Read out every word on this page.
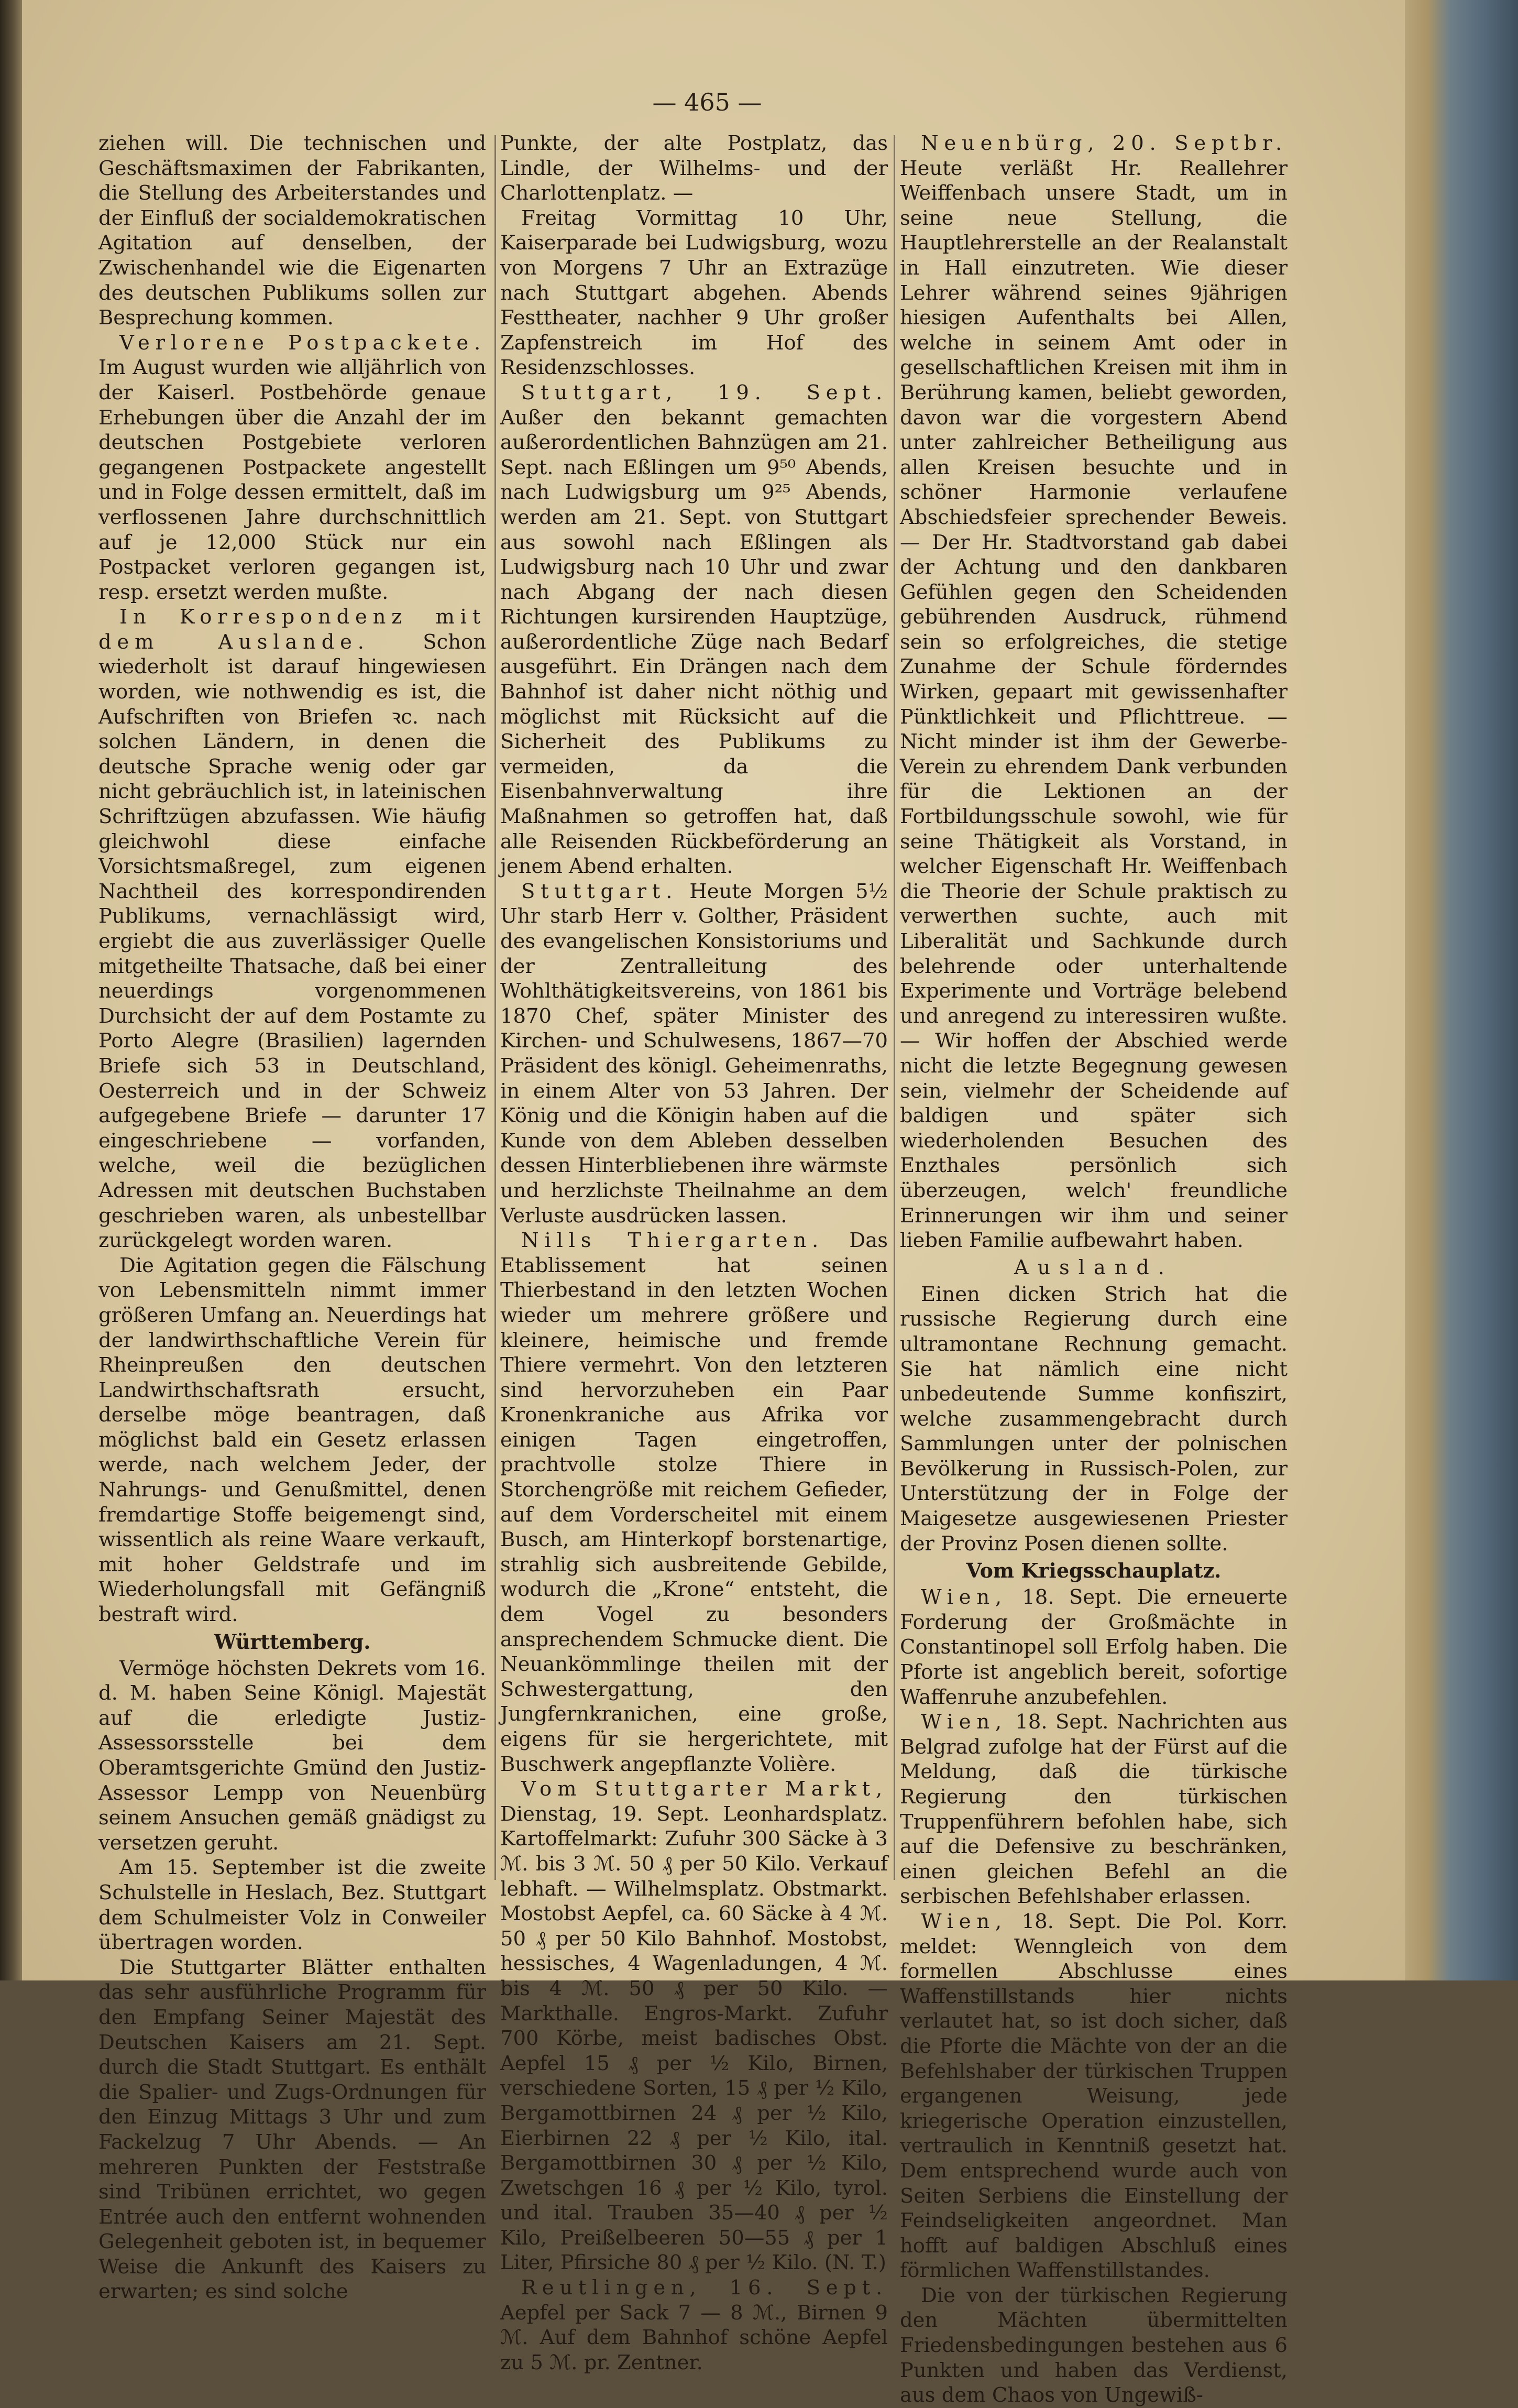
— 465 —

ziehen will. Die technischen und Geschäftsmaximen der Fabrikanten, die Stellung des Arbeiterstandes und der Einfluß der socialdemokratischen Agitation auf denselben, der Zwischenhandel wie die Eigenarten des deutschen Publikums sollen zur Besprechung kommen.

Verlorene Postpackete. Im August wurden wie alljährlich von der Kaiserl. Postbehörde genaue Erhebungen über die Anzahl der im deutschen Postgebiete verloren gegangenen Postpackete angestellt und in Folge dessen ermittelt, daß im verflossenen Jahre durchschnittlich auf je 12,000 Stück nur ein Postpacket verloren gegangen ist, resp. ersetzt werden mußte.

In Korrespondenz mit dem Auslande. Schon wiederholt ist darauf hingewiesen worden, wie nothwendig es ist, die Aufschriften von Briefen ꝛc. nach solchen Ländern, in denen die deutsche Sprache wenig oder gar nicht gebräuchlich ist, in lateinischen Schriftzügen abzufassen. Wie häufig gleichwohl diese einfache Vorsichtsmaßregel, zum eigenen Nachtheil des korrespondirenden Publikums, vernachlässigt wird, ergiebt die aus zuverlässiger Quelle mitgetheilte Thatsache, daß bei einer neuerdings vorgenommenen Durchsicht der auf dem Postamte zu Porto Alegre (Brasilien) lagernden Briefe sich 53 in Deutschland, Oesterreich und in der Schweiz aufgegebene Briefe — darunter 17 eingeschriebene — vorfanden, welche, weil die bezüglichen Adressen mit deutschen Buchstaben geschrieben waren, als unbestellbar zurückgelegt worden waren.

Die Agitation gegen die Fälschung von Lebensmitteln nimmt immer größeren Umfang an. Neuerdings hat der landwirthschaftliche Verein für Rheinpreußen den deutschen Landwirthschaftsrath ersucht, derselbe möge beantragen, daß möglichst bald ein Gesetz erlassen werde, nach welchem Jeder, der Nahrungs- und Genußmittel, denen fremdartige Stoffe beigemengt sind, wissentlich als reine Waare verkauft, mit hoher Geldstrafe und im Wiederholungsfall mit Gefängniß bestraft wird.

Württemberg.

Vermöge höchsten Dekrets vom 16. d. M. haben Seine Königl. Majestät auf die erledigte Justiz-Assessorsstelle bei dem Oberamtsgerichte Gmünd den Justiz-Assessor Lempp von Neuenbürg seinem Ansuchen gemäß gnädigst zu versetzen geruht.

Am 15. September ist die zweite Schulstelle in Heslach, Bez. Stuttgart dem Schulmeister Volz in Conweiler übertragen worden.

Die Stuttgarter Blätter enthalten das sehr ausführliche Programm für den Empfang Seiner Majestät des Deutschen Kaisers am 21. Sept. durch die Stadt Stuttgart. Es enthält die Spalier- und Zugs-Ordnungen für den Einzug Mittags 3 Uhr und zum Fackelzug 7 Uhr Abends. — An mehreren Punkten der Feststraße sind Tribünen errichtet, wo gegen Entrée auch den entfernt wohnenden Gelegenheit geboten ist, in bequemer Weise die Ankunft des Kaisers zu erwarten; es sind solche

Punkte, der alte Postplatz, das Lindle, der Wilhelms- und der Charlottenplatz. —

Freitag Vormittag 10 Uhr, Kaiserparade bei Ludwigsburg, wozu von Morgens 7 Uhr an Extrazüge nach Stuttgart abgehen. Abends Festtheater, nachher 9 Uhr großer Zapfenstreich im Hof des Residenzschlosses.

Stuttgart, 19. Sept. Außer den bekannt gemachten außerordentlichen Bahnzügen am 21. Sept. nach Eßlingen um 9⁵⁰ Abends, nach Ludwigsburg um 9²⁵ Abends, werden am 21. Sept. von Stuttgart aus sowohl nach Eßlingen als Ludwigsburg nach 10 Uhr und zwar nach Abgang der nach diesen Richtungen kursirenden Hauptzüge, außerordentliche Züge nach Bedarf ausgeführt. Ein Drängen nach dem Bahnhof ist daher nicht nöthig und möglichst mit Rücksicht auf die Sicherheit des Publikums zu vermeiden, da die Eisenbahnverwaltung ihre Maßnahmen so getroffen hat, daß alle Reisenden Rückbeförderung an jenem Abend erhalten.

Stuttgart. Heute Morgen 5½ Uhr starb Herr v. Golther, Präsident des evangelischen Konsistoriums und der Zentralleitung des Wohlthätigkeitsvereins, von 1861 bis 1870 Chef, später Minister des Kirchen- und Schulwesens, 1867—70 Präsident des königl. Geheimenraths, in einem Alter von 53 Jahren. Der König und die Königin haben auf die Kunde von dem Ableben desselben dessen Hinterbliebenen ihre wärmste und herzlichste Theilnahme an dem Verluste ausdrücken lassen.

Nills Thiergarten. Das Etablissement hat seinen Thierbestand in den letzten Wochen wieder um mehrere größere und kleinere, heimische und fremde Thiere vermehrt. Von den letzteren sind hervorzuheben ein Paar Kronenkraniche aus Afrika vor einigen Tagen eingetroffen, prachtvolle stolze Thiere in Storchengröße mit reichem Gefieder, auf dem Vorderscheitel mit einem Busch, am Hinterkopf borstenartige, strahlig sich ausbreitende Gebilde, wodurch die „Krone“ entsteht, die dem Vogel zu besonders ansprechendem Schmucke dient. Die Neuankömmlinge theilen mit der Schwestergattung, den Jungfernkranichen, eine große, eigens für sie hergerichtete, mit Buschwerk angepflanzte Volière.

Vom Stuttgarter Markt, Dienstag, 19. Sept. Leonhardsplatz. Kartoffelmarkt: Zufuhr 300 Säcke à 3 ℳ. bis 3 ℳ. 50 ₰ per 50 Kilo. Verkauf lebhaft. — Wilhelmsplatz. Obstmarkt. Mostobst Aepfel, ca. 60 Säcke à 4 ℳ. 50 ₰ per 50 Kilo Bahnhof. Mostobst, hessisches, 4 Wagenladungen, 4 ℳ. bis 4 ℳ. 50 ₰ per 50 Kilo. — Markthalle. Engros-Markt. Zufuhr 700 Körbe, meist badisches Obst. Aepfel 15 ₰ per ½ Kilo, Birnen, verschiedene Sorten, 15 ₰ per ½ Kilo, Bergamottbirnen 24 ₰ per ½ Kilo, Eierbirnen 22 ₰ per ½ Kilo, ital. Bergamottbirnen 30 ₰ per ½ Kilo, Zwetschgen 16 ₰ per ½ Kilo, tyrol. und ital. Trauben 35—40 ₰ per ½ Kilo, Preißelbeeren 50—55 ₰ per 1 Liter, Pfirsiche 80 ₰ per ½ Kilo. (N. T.)

Reutlingen, 16. Sept. Aepfel per Sack 7 — 8 ℳ., Birnen 9 ℳ. Auf dem Bahnhof schöne Aepfel zu 5 ℳ. pr. Zentner.

Neuenbürg, 20. Septbr. Heute verläßt Hr. Reallehrer Weiffenbach unsere Stadt, um in seine neue Stellung, die Hauptlehrerstelle an der Realanstalt in Hall einzutreten. Wie dieser Lehrer während seines 9jährigen hiesigen Aufenthalts bei Allen, welche in seinem Amt oder in gesellschaftlichen Kreisen mit ihm in Berührung kamen, beliebt geworden, davon war die vorgestern Abend unter zahlreicher Betheiligung aus allen Kreisen besuchte und in schöner Harmonie verlaufene Abschiedsfeier sprechender Beweis. — Der Hr. Stadtvorstand gab dabei der Achtung und den dankbaren Gefühlen gegen den Scheidenden gebührenden Ausdruck, rühmend sein so erfolgreiches, die stetige Zunahme der Schule förderndes Wirken, gepaart mit gewissenhafter Pünktlichkeit und Pflichttreue. — Nicht minder ist ihm der Gewerbe-Verein zu ehrendem Dank verbunden für die Lektionen an der Fortbildungsschule sowohl, wie für seine Thätigkeit als Vorstand, in welcher Eigenschaft Hr. Weiffenbach die Theorie der Schule praktisch zu verwerthen suchte, auch mit Liberalität und Sachkunde durch belehrende oder unterhaltende Experimente und Vorträge belebend und anregend zu interessiren wußte. — Wir hoffen der Abschied werde nicht die letzte Begegnung gewesen sein, vielmehr der Scheidende auf baldigen und später sich wiederholenden Besuchen des Enzthales persönlich sich überzeugen, welch' freundliche Erinnerungen wir ihm und seiner lieben Familie aufbewahrt haben.

Ausland.

Einen dicken Strich hat die russische Regierung durch eine ultramontane Rechnung gemacht. Sie hat nämlich eine nicht unbedeutende Summe konfiszirt, welche zusammengebracht durch Sammlungen unter der polnischen Bevölkerung in Russisch-Polen, zur Unterstützung der in Folge der Maigesetze ausgewiesenen Priester der Provinz Posen dienen sollte.

Vom Kriegsschauplatz.

Wien, 18. Sept. Die erneuerte Forderung der Großmächte in Constantinopel soll Erfolg haben. Die Pforte ist angeblich bereit, sofortige Waffenruhe anzubefehlen.

Wien, 18. Sept. Nachrichten aus Belgrad zufolge hat der Fürst auf die Meldung, daß die türkische Regierung den türkischen Truppenführern befohlen habe, sich auf die Defensive zu beschränken, einen gleichen Befehl an die serbischen Befehlshaber erlassen.

Wien, 18. Sept. Die Pol. Korr. meldet: Wenngleich von dem formellen Abschlusse eines Waffenstillstands hier nichts verlautet hat, so ist doch sicher, daß die Pforte die Mächte von der an die Befehlshaber der türkischen Truppen ergangenen Weisung, jede kriegerische Operation einzustellen, vertraulich in Kenntniß gesetzt hat. Dem entsprechend wurde auch von Seiten Serbiens die Einstellung der Feindseligkeiten angeordnet. Man hofft auf baldigen Abschluß eines förmlichen Waffenstillstandes.

Die von der türkischen Regierung den Mächten übermittelten Friedensbedingungen bestehen aus 6 Punkten und haben das Verdienst, aus dem Chaos von Ungewiß-
